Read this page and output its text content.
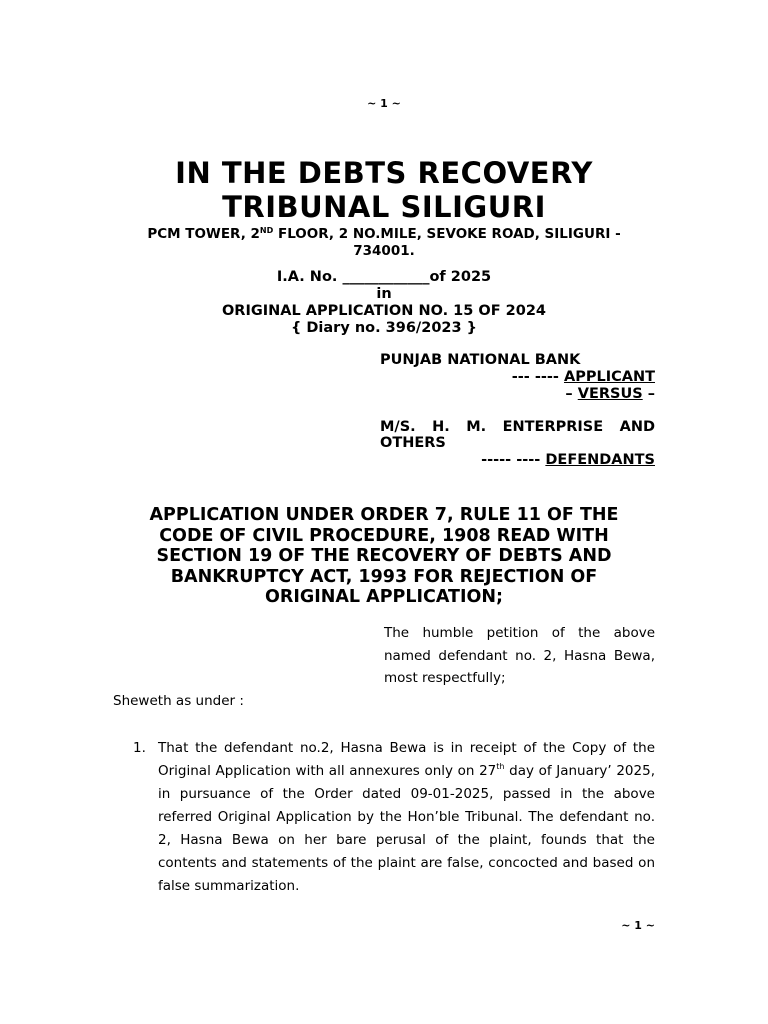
~ 1 ~
IN THE DEBTS RECOVERY
TRIBUNAL SILIGURI
PCM TOWER, 2ND FLOOR, 2 NO.MILE, SEVOKE ROAD, SILIGURI -
734001.
I.A. No. ____________of 2025
in
ORIGINAL APPLICATION NO. 15 OF 2024
{ Diary no. 396/2023 }
PUNJAB NATIONAL BANK
--- ---- APPLICANT
– VERSUS –
M/S. H. M. ENTERPRISE AND
OTHERS
----- ---- DEFENDANTS
APPLICATION UNDER ORDER 7, RULE 11 OF THE
CODE OF CIVIL PROCEDURE, 1908 READ WITH
SECTION 19 OF THE RECOVERY OF DEBTS AND
BANKRUPTCY ACT, 1993 FOR REJECTION OF
ORIGINAL APPLICATION;
The humble petition of the above named defendant no. 2, Hasna Bewa, most respectfully;
Sheweth as under :
1. That the defendant no.2, Hasna Bewa is in receipt of the Copy of the Original Application with all annexures only on 27th day of January’ 2025, in pursuance of the Order dated 09-01-2025, passed in the above referred Original Application by the Hon’ble Tribunal. The defendant no. 2, Hasna Bewa on her bare perusal of the plaint, founds that the contents and statements of the plaint are false, concocted and based on false summarization.
~ 1 ~
